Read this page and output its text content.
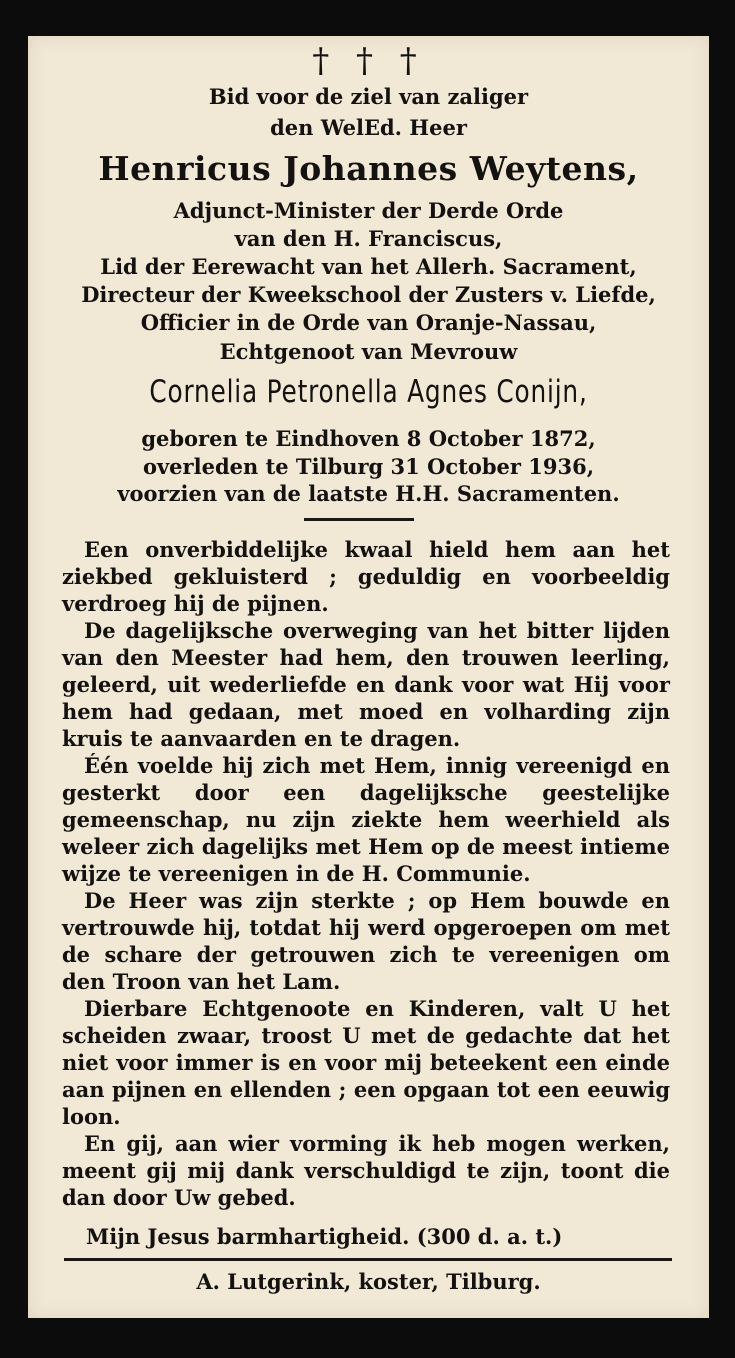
† † †
Bid voor de ziel van zaliger
den WelEd. Heer
Henricus Johannes Weytens,
Adjunct-Minister der Derde Orde
van den H. Franciscus,
Lid der Eerewacht van het Allerh. Sacrament,
Directeur der Kweekschool der Zusters v. Liefde,
Officier in de Orde van Oranje-Nassau,
Echtgenoot van Mevrouw
Cornelia Petronella Agnes Conijn,
geboren te Eindhoven 8 October 1872,
overleden te Tilburg 31 October 1936,
voorzien van de laatste H.H. Sacramenten.

Een onverbiddelijke kwaal hield hem aan het ziekbed gekluisterd ; geduldig en voorbeeldig verdroeg hij de pijnen.

De dagelijksche overweging van het bitter lijden van den Meester had hem, den trouwen leerling, geleerd, uit wederliefde en dank voor wat Hij voor hem had gedaan, met moed en volharding zijn kruis te aanvaarden en te dragen.

Één voelde hij zich met Hem, innig vereenigd en gesterkt door een dagelijksche geestelijke gemeenschap, nu zijn ziekte hem weerhield als weleer zich dagelijks met Hem op de meest intieme wijze te vereenigen in de H. Communie.

De Heer was zijn sterkte ; op Hem bouwde en vertrouwde hij, totdat hij werd opgeroepen om met de schare der getrouwen zich te vereenigen om den Troon van het Lam.

Dierbare Echtgenoote en Kinderen, valt U het scheiden zwaar, troost U met de gedachte dat het niet voor immer is en voor mij beteekent een einde aan pijnen en ellenden ; een opgaan tot een eeuwig loon.

En gij, aan wier vorming ik heb mogen werken, meent gij mij dank verschuldigd te zijn, toont die dan door Uw gebed.

Mijn Jesus barmhartigheid. (300 d. a. t.)
A. Lutgerink, koster, Tilburg.
